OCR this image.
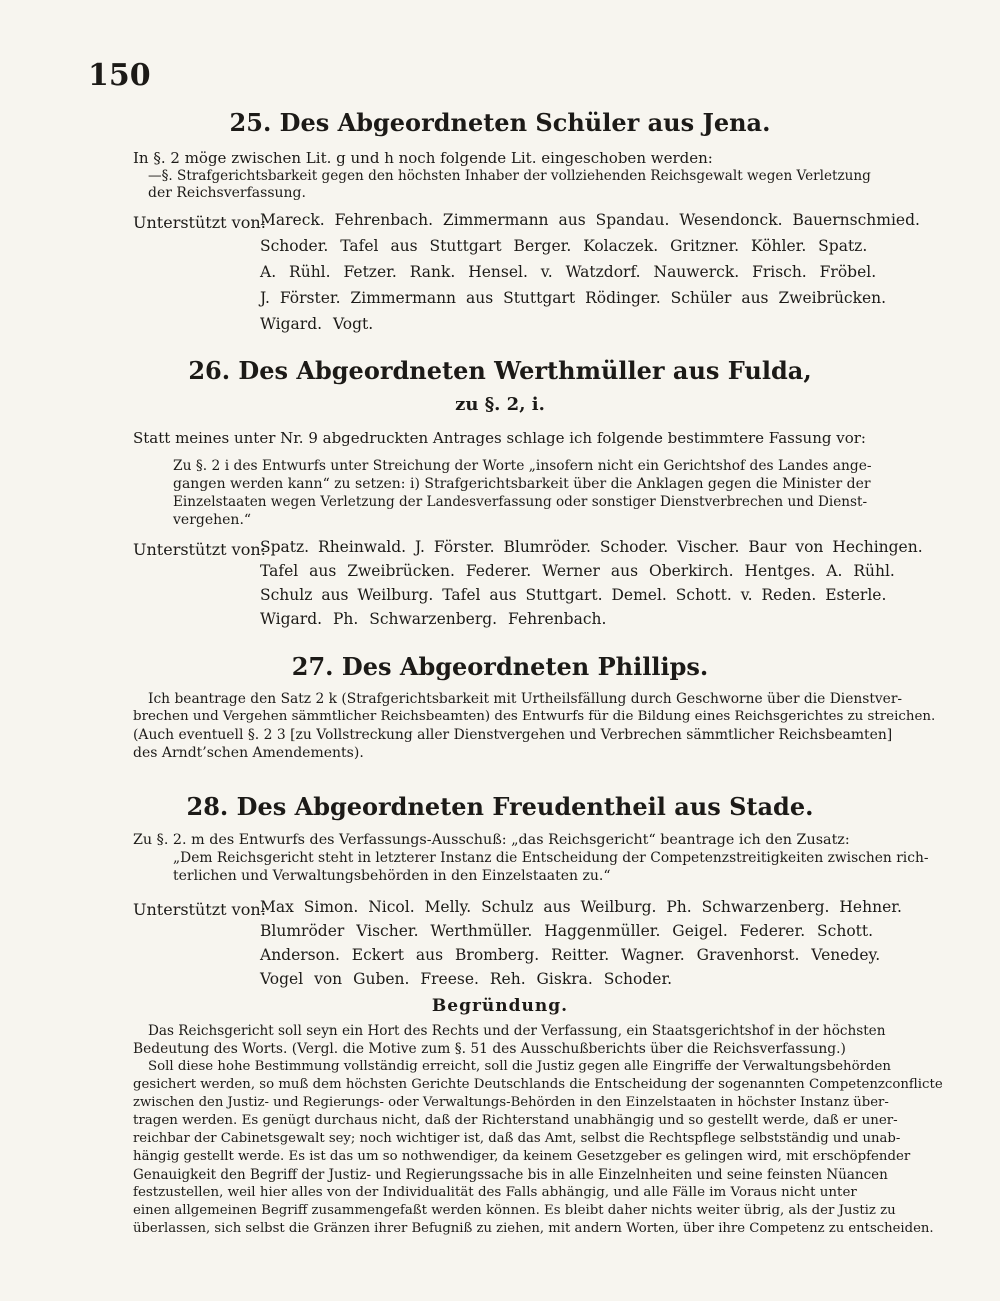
150
25. Des Abgeordneten Schüler aus Jena.
In §. 2 möge zwischen Lit. g und h noch folgende Lit. eingeschoben werden:
—§. Strafgerichtsbarkeit gegen den höchsten Inhaber der vollziehenden Reichsgewalt wegen Verletzung
der Reichsverfassung.
Unterstützt von:
Mareck. Fehrenbach. Zimmermann aus Spandau. Wesendonck. Bauernschmied.
Schoder. Tafel aus Stuttgart Berger. Kolaczek. Gritzner. Köhler. Spatz.
A. Rühl. Fetzer. Rank. Hensel. v. Watzdorf. Nauwerck. Frisch. Fröbel.
J. Förster. Zimmermann aus Stuttgart Rödinger. Schüler aus Zweibrücken.
Wigard. Vogt.
26. Des Abgeordneten Werthmüller aus Fulda,
zu §. 2, i.
Statt meines unter Nr. 9 abgedruckten Antrages schlage ich folgende bestimmtere Fassung vor:
Zu §. 2 i des Entwurfs unter Streichung der Worte „insofern nicht ein Gerichtshof des Landes ange-
gangen werden kann“ zu setzen: i) Strafgerichtsbarkeit über die Anklagen gegen die Minister der
Einzelstaaten wegen Verletzung der Landesverfassung oder sonstiger Dienstverbrechen und Dienst-
vergehen.“
Unterstützt von:
Spatz. Rheinwald. J. Förster. Blumröder. Schoder. Vischer. Baur von Hechingen.
Tafel aus Zweibrücken. Federer. Werner aus Oberkirch. Hentges. A. Rühl.
Schulz aus Weilburg. Tafel aus Stuttgart. Demel. Schott. v. Reden. Esterle.
Wigard. Ph. Schwarzenberg. Fehrenbach.
27. Des Abgeordneten Phillips.
Ich beantrage den Satz 2 k (Strafgerichtsbarkeit mit Urtheilsfällung durch Geschworne über die Dienstver-
brechen und Vergehen sämmtlicher Reichsbeamten) des Entwurfs für die Bildung eines Reichsgerichtes zu streichen.
(Auch eventuell §. 2 3 [zu Vollstreckung aller Dienstvergehen und Verbrechen sämmtlicher Reichsbeamten]
des Arndt’schen Amendements).
28. Des Abgeordneten Freudentheil aus Stade.
Zu §. 2. m des Entwurfs des Verfassungs-Ausschuß: „das Reichsgericht“ beantrage ich den Zusatz:
„Dem Reichsgericht steht in letzterer Instanz die Entscheidung der Competenzstreitigkeiten zwischen rich-
terlichen und Verwaltungsbehörden in den Einzelstaaten zu.“
Unterstützt von:
Max Simon. Nicol. Melly. Schulz aus Weilburg. Ph. Schwarzenberg. Hehner.
Blumröder Vischer. Werthmüller. Haggenmüller. Geigel. Federer. Schott.
Anderson. Eckert aus Bromberg. Reitter. Wagner. Gravenhorst. Venedey.
Vogel von Guben. Freese. Reh. Giskra. Schoder.
Begründung.
Das Reichsgericht soll seyn ein Hort des Rechts und der Verfassung, ein Staatsgerichtshof in der höchsten
Bedeutung des Worts. (Vergl. die Motive zum §. 51 des Ausschußberichts über die Reichsverfassung.)
Soll diese hohe Bestimmung vollständig erreicht, soll die Justiz gegen alle Eingriffe der Verwaltungsbehörden
gesichert werden, so muß dem höchsten Gerichte Deutschlands die Entscheidung der sogenannten Competenzconflicte
zwischen den Justiz- und Regierungs- oder Verwaltungs-Behörden in den Einzelstaaten in höchster Instanz über-
tragen werden. Es genügt durchaus nicht, daß der Richterstand unabhängig und so gestellt werde, daß er uner-
reichbar der Cabinetsgewalt sey; noch wichtiger ist, daß das Amt, selbst die Rechtspflege selbstständig und unab-
hängig gestellt werde. Es ist das um so nothwendiger, da keinem Gesetzgeber es gelingen wird, mit erschöpfender
Genauigkeit den Begriff der Justiz- und Regierungssache bis in alle Einzelnheiten und seine feinsten Nüancen
festzustellen, weil hier alles von der Individualität des Falls abhängig, und alle Fälle im Voraus nicht unter
einen allgemeinen Begriff zusammengefaßt werden können. Es bleibt daher nichts weiter übrig, als der Justiz zu
überlassen, sich selbst die Gränzen ihrer Befugniß zu ziehen, mit andern Worten, über ihre Competenz zu entscheiden.
